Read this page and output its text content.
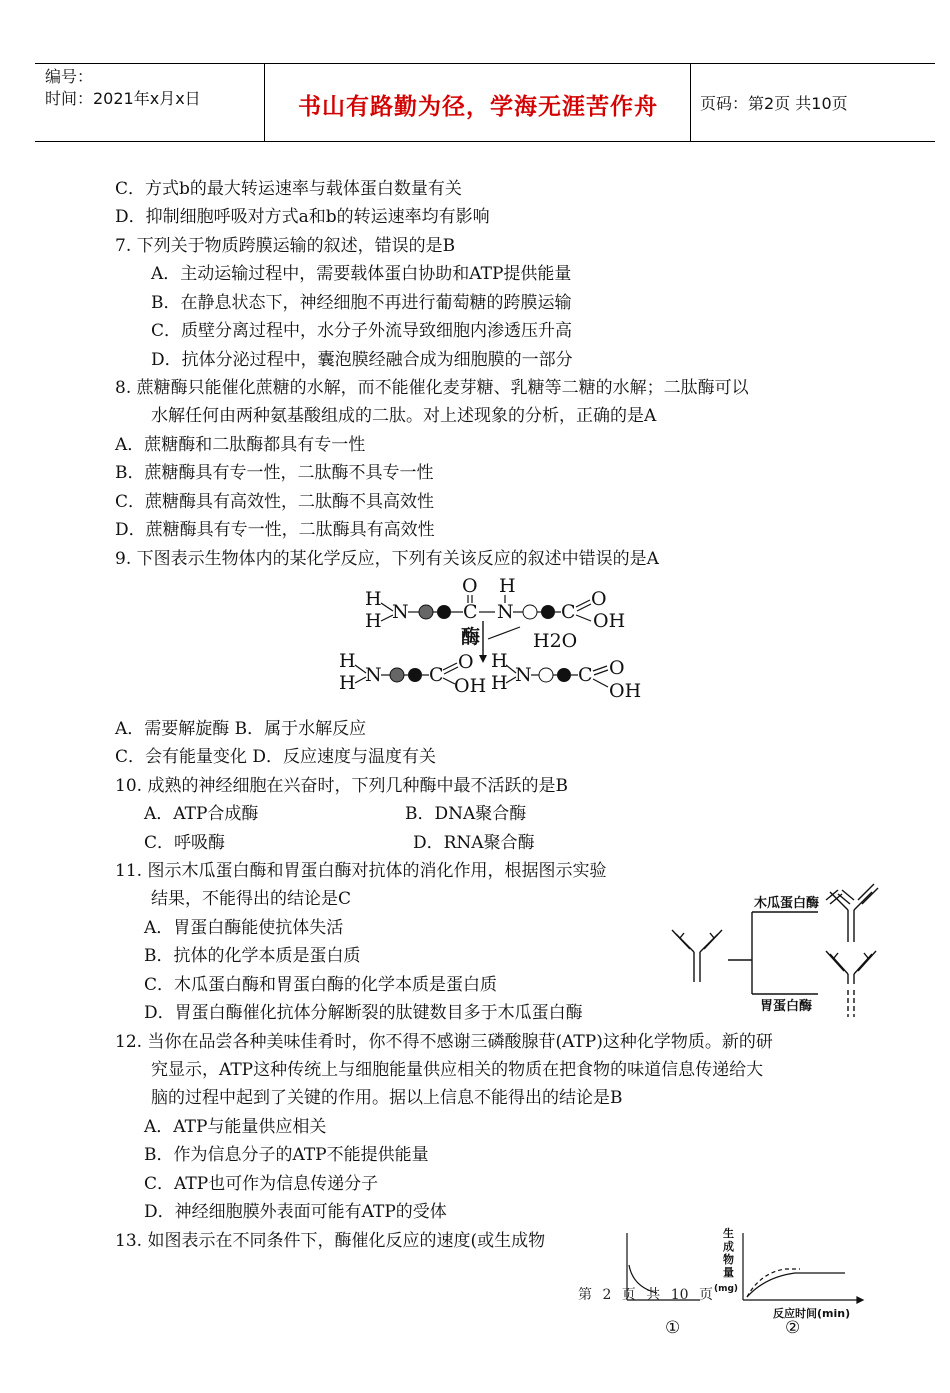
编号：
时间：2021年x月x日	书山有路勤为径，学海无涯苦作舟	页码：第2页 共10页
C．方式b的最大转运速率与载体蛋白数量有关
D．抑制细胞呼吸对方式a和b的转运速率均有影响
7. 下列关于物质跨膜运输的叙述，错误的是B
A．主动运输过程中，需要载体蛋白协助和ATP提供能量
B．在静息状态下，神经细胞不再进行葡萄糖的跨膜运输
C．质壁分离过程中，水分子外流导致细胞内渗透压升高
D．抗体分泌过程中，囊泡膜经融合成为细胞膜的一部分
8. 蔗糖酶只能催化蔗糖的水解，而不能催化麦芽糖、乳糖等二糖的水解；二肽酶可以
水解任何由两种氨基酸组成的二肽。对上述现象的分析，正确的是A
A．蔗糖酶和二肽酶都具有专一性
B．蔗糖酶具有专一性，二肽酶不具专一性
C．蔗糖酶具有高效性，二肽酶不具高效性
D．蔗糖酶具有专一性，二肽酶具有高效性
9. 下图表示生物体内的某化学反应，下列有关该反应的叙述中错误的是A
H
H N	C
O H
N C
O
OH
酶	H2O
H
H N C
O
OH
H
H N C O
OH
A．需要解旋酶 B．属于水解反应
C．会有能量变化 D．反应速度与温度有关
10. 成熟的神经细胞在兴奋时，下列几种酶中最不活跃的是B
A．ATP合成酶	B．DNA聚合酶
C．呼吸酶	D．RNA聚合酶
11. 图示木瓜蛋白酶和胃蛋白酶对抗体的消化作用，根据图示实验
结果，不能得出的结论是C
A．胃蛋白酶能使抗体失活
B．抗体的化学本质是蛋白质
C．木瓜蛋白酶和胃蛋白酶的化学本质是蛋白质
D．胃蛋白酶催化抗体分解断裂的肽键数目多于木瓜蛋白酶
木瓜蛋白酶
胃蛋白酶
12. 当你在品尝各种美味佳肴时，你不得不感谢三磷酸腺苷(ATP)这种化学物质。新的研
究显示，ATP这种传统上与细胞能量供应相关的物质在把食物的味道信息传递给大
脑的过程中起到了关键的作用。据以上信息不能得出的结论是B
A．ATP与能量供应相关
B．作为信息分子的ATP不能提供能量
C．ATP也可作为信息传递分子
D．神经细胞膜外表面可能有ATP的受体
13. 如图表示在不同条件下，酶催化反应的速度(或生成物	生
成
物
量
(mg)
反应时间(min)
①	②
第 2 页 共 10 页
